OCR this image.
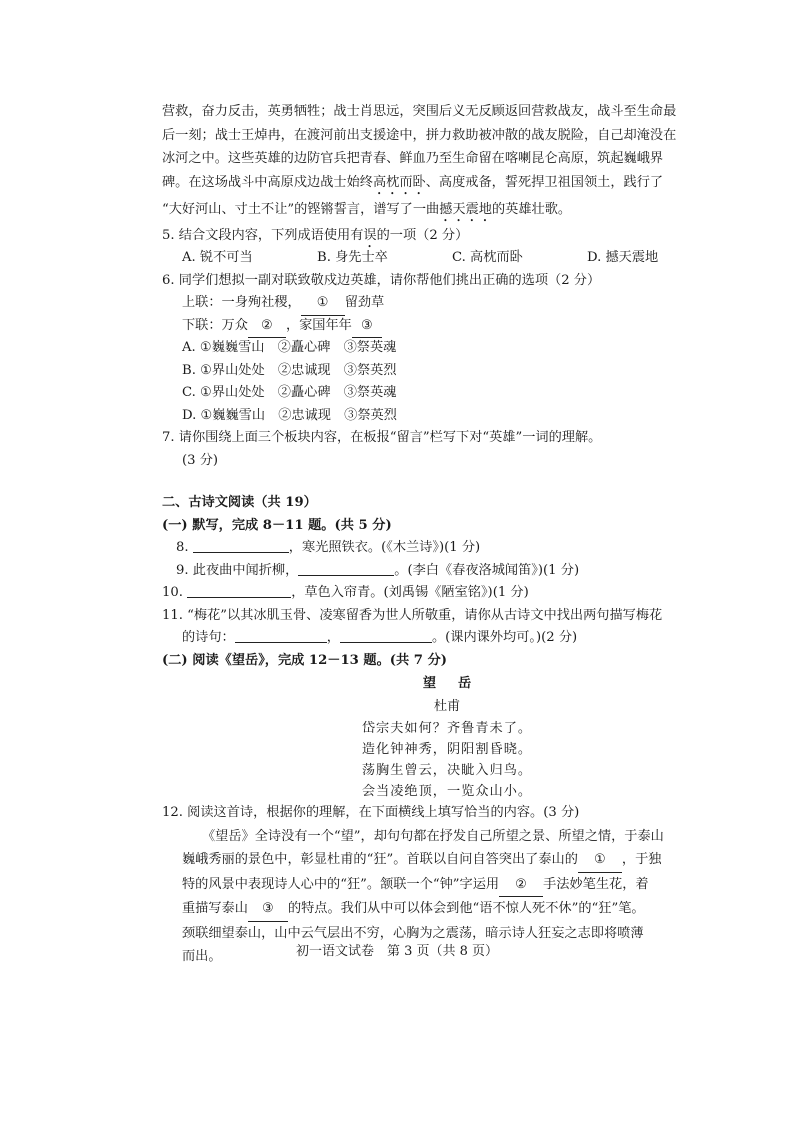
营救，奋力反击，英勇牺牲；战士肖思远，突围后义无反顾返回营救战友，战斗至生命最
后一刻；战士王焯冉，在渡河前出支援途中，拼力救助被冲散的战友脱险，自己却淹没在
冰河之中。这些英雄的边防官兵把青春、鲜血乃至生命留在喀喇昆仑高原，筑起巍峨界
碑。在这场战斗中高原戍边战士始终高枕而卧、高度戒备，誓死捍卫祖国领土，践行了
“大好河山、寸土不让”的铿锵誓言，谱写了一曲撼天震地的英雄壮歌。
5. 结合文段内容，下列成语使用有误的一项（2 分）
A. 锐不可当	B. 身先士卒	C. 高枕而卧	D. 撼天震地
6. 同学们想拟一副对联致敬戍边英雄，请你帮他们挑出正确的选项（2 分）
上联：一身殉社稷， ① 留劲草
下联：万众 ② ，家国年年 ③
A. ①巍巍雪山　②矗心碑　③祭英魂
B. ①界山处处　②忠诚现　③祭英烈
C. ①界山处处　②矗心碑　③祭英魂
D. ①巍巍雪山　②忠诚现　③祭英烈
7. 请你围绕上面三个板块内容，在板报“留言”栏写下对“英雄”一词的理解。
(3 分)
二、古诗文阅读（共 19）
(一) 默写，完成 8－11 题。(共 5 分)
8.	，寒光照铁衣。(《木兰诗》)(1 分)
9. 此夜曲中闻折柳，	。(李白《春夜洛城闻笛》)(1 分)
10.	，草色入帘青。(刘禹锡《陋室铭》)(1 分)
11. “梅花”以其冰肌玉骨、凌寒留香为世人所敬重，请你从古诗文中找出两句描写梅花
的诗句：	，	。(课内课外均可。)(2 分)
(二) 阅读《望岳》，完成 12－13 题。(共 7 分)
望岳
杜甫
岱宗夫如何？齐鲁青未了。
造化钟神秀，阴阳割昏晓。
荡胸生曾云，决眦入归鸟。
会当凌绝顶，一览众山小。
12. 阅读这首诗，根据你的理解，在下面横线上填写恰当的内容。(3 分)
《望岳》全诗没有一个“望”，却句句都在抒发自己所望之景、所望之情，于泰山
巍峨秀丽的景色中，彰显杜甫的“狂”。首联以自问自答突出了泰山的 ① ，于独
特的风景中表现诗人心中的“狂”。颔联一个“钟”字运用 ② 手法妙笔生花，着
重描写泰山 ③ 的特点。我们从中可以体会到他“语不惊人死不休”的“狂”笔。
颈联细望泰山，山中云气层出不穷，心胸为之震荡，暗示诗人狂妄之志即将喷薄
而出。	初一语文试卷　第 3 页（共 8 页）
